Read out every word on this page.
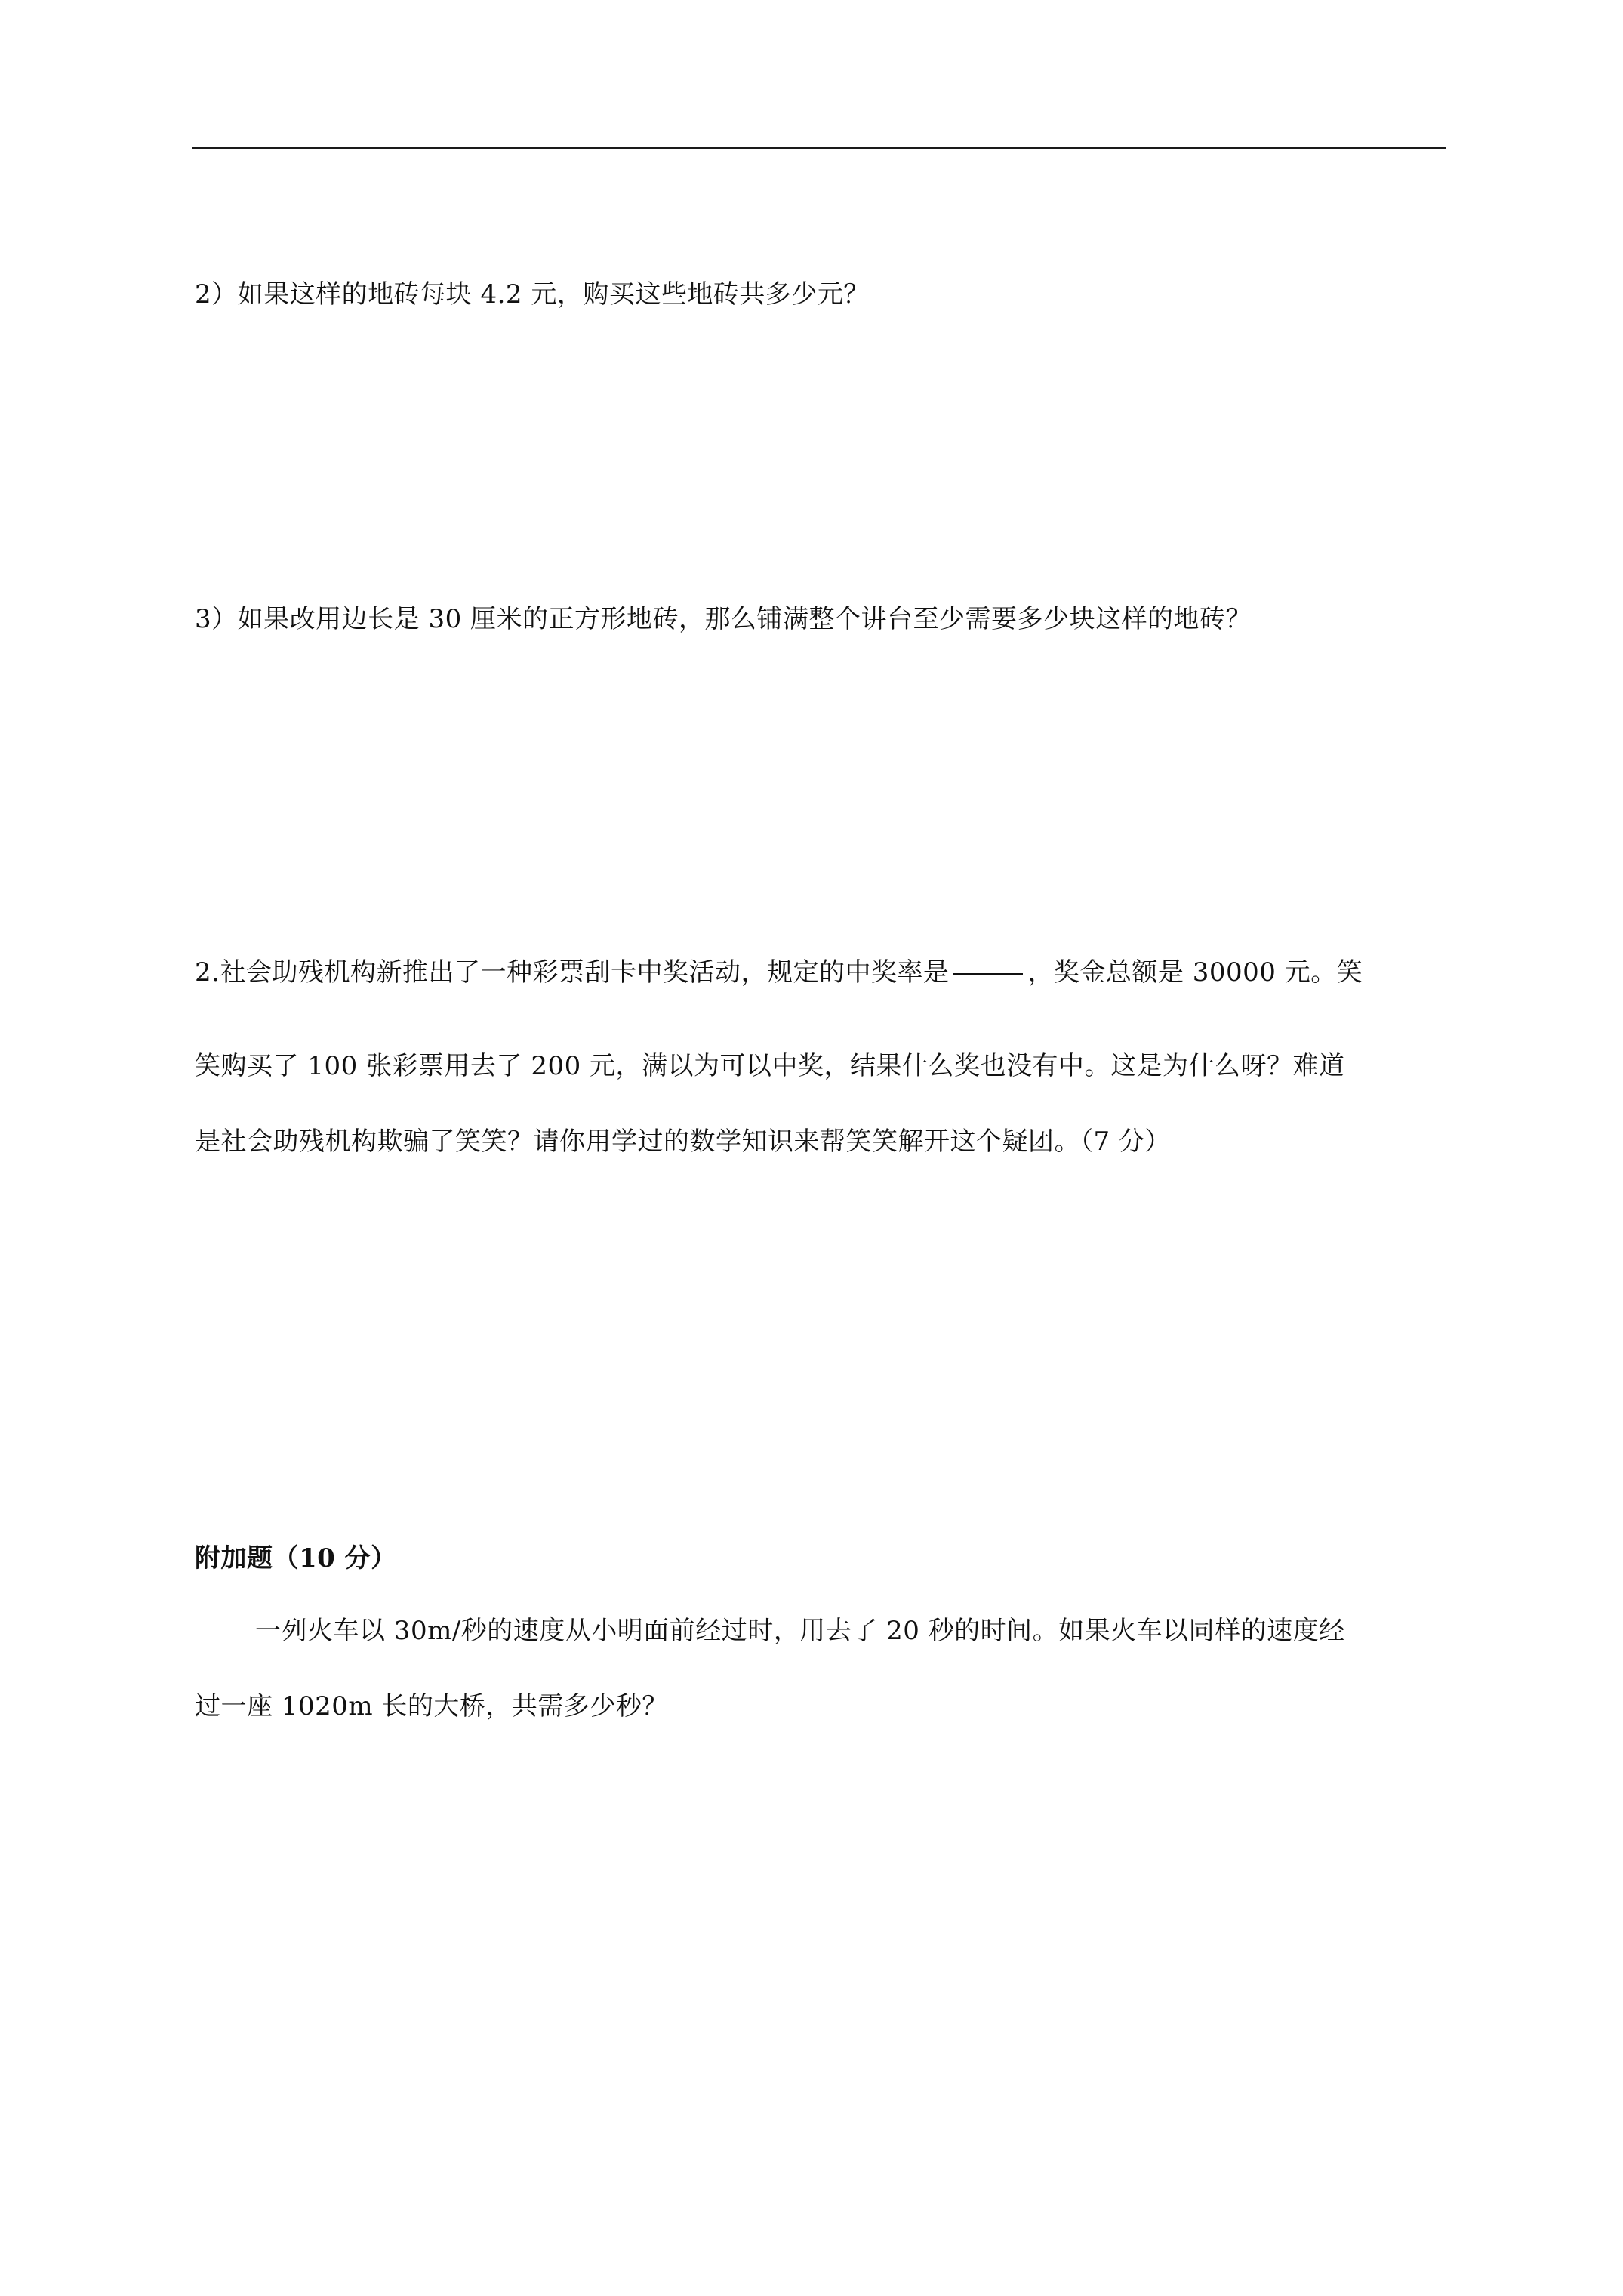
2）如果这样的地砖每块 4.2 元，购买这些地砖共多少元？
3）如果改用边长是 30 厘米的正方形地砖，那么铺满整个讲台至少需要多少块这样的地砖？
2.社会助残机构新推出了一种彩票刮卡中奖活动，规定的中奖率是	，奖金总额是 30000 元。笑
笑购买了 100 张彩票用去了 200 元，满以为可以中奖，结果什么奖也没有中。这是为什么呀？难道
是社会助残机构欺骗了笑笑？请你用学过的数学知识来帮笑笑解开这个疑团。（7 分）
附加题（10 分）
一列火车以 30m/秒的速度从小明面前经过时，用去了 20 秒的时间。如果火车以同样的速度经
过一座 1020m 长的大桥，共需多少秒？
